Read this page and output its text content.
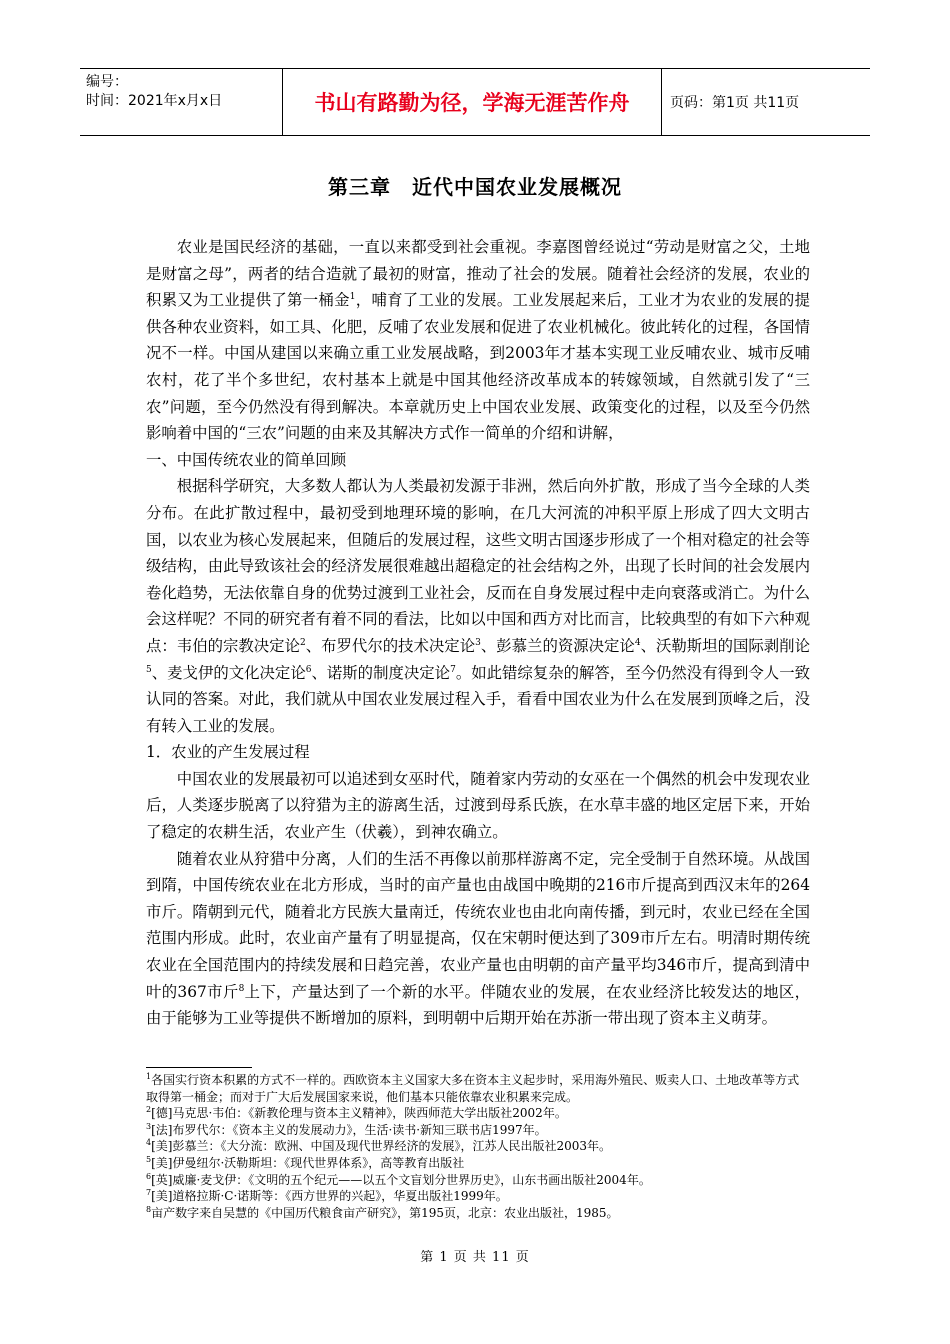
编号：
时间：2021年x月x日	书山有路勤为径，学海无涯苦作舟	页码：第1页 共11页
第三章　近代中国农业发展概况

农业是国民经济的基础，一直以来都受到社会重视。李嘉图曾经说过“劳动是财富之父，土地是财富之母”，两者的结合造就了最初的财富，推动了社会的发展。随着社会经济的发展，农业的积累又为工业提供了第一桶金$^1$，哺育了工业的发展。工业发展起来后，工业才为农业的发展的提供各种农业资料，如工具、化肥，反哺了农业发展和促进了农业机械化。彼此转化的过程，各国情况不一样。中国从建国以来确立重工业发展战略，到2003年才基本实现工业反哺农业、城市反哺农村，花了半个多世纪，农村基本上就是中国其他经济改革成本的转嫁领域，自然就引发了“三农”问题，至今仍然没有得到解决。本章就历史上中国农业发展、政策变化的过程，以及至今仍然影响着中国的“三农”问题的由来及其解决方式作一简单的介绍和讲解，

一、中国传统农业的简单回顾

根据科学研究，大多数人都认为人类最初发源于非洲，然后向外扩散，形成了当今全球的人类分布。在此扩散过程中，最初受到地理环境的影响，在几大河流的冲积平原上形成了四大文明古国，以农业为核心发展起来，但随后的发展过程，这些文明古国逐步形成了一个相对稳定的社会等级结构，由此导致该社会的经济发展很难越出超稳定的社会结构之外，出现了长时间的社会发展内卷化趋势，无法依靠自身的优势过渡到工业社会，反而在自身发展过程中走向衰落或消亡。为什么会这样呢？不同的研究者有着不同的看法，比如以中国和西方对比而言，比较典型的有如下六种观点：韦伯的宗教决定论$^2$、布罗代尔的技术决定论$^3$、彭慕兰的资源决定论$^4$、沃勒斯坦的国际剥削论$^5$、麦戈伊的文化决定论$^6$、诺斯的制度决定论$^7$。如此错综复杂的解答，至今仍然没有得到令人一致认同的答案。对此，我们就从中国农业发展过程入手，看看中国农业为什么在发展到顶峰之后，没有转入工业的发展。

1．农业的产生发展过程

中国农业的发展最初可以追述到女巫时代，随着家内劳动的女巫在一个偶然的机会中发现农业后，人类逐步脱离了以狩猎为主的游离生活，过渡到母系氏族，在水草丰盛的地区定居下来，开始了稳定的农耕生活，农业产生（伏羲），到神农确立。

随着农业从狩猎中分离，人们的生活不再像以前那样游离不定，完全受制于自然环境。从战国到隋，中国传统农业在北方形成，当时的亩产量也由战国中晚期的216市斤提高到西汉末年的264市斤。隋朝到元代，随着北方民族大量南迁，传统农业也由北向南传播，到元时，农业已经在全国范围内形成。此时，农业亩产量有了明显提高，仅在宋朝时便达到了309市斤左右。明清时期传统农业在全国范围内的持续发展和日趋完善，农业产量也由明朝的亩产量平均346市斤，提高到清中叶的367市斤$^8$上下，产量达到了一个新的水平。伴随农业的发展，在农业经济比较发达的地区，由于能够为工业等提供不断增加的原料，到明朝中后期开始在苏浙一带出现了资本主义萌芽。

$^1$各国实行资本积累的方式不一样的。西欧资本主义国家大多在资本主义起步时，采用海外殖民、贩卖人口、土地改革等方式取得第一桶金；而对于广大后发展国家来说，他们基本只能依靠农业积累来完成。

$^2$[德]马克思·韦伯：《新教伦理与资本主义精神》，陕西师范大学出版社2002年。

$^3$[法]布罗代尔：《资本主义的发展动力》，生活·读书·新知三联书店1997年。

$^4$[美]彭慕兰：《大分流：欧洲、中国及现代世界经济的发展》，江苏人民出版社2003年。

$^5$[美]伊曼纽尔·沃勒斯坦：《现代世界体系》，高等教育出版社

$^6$[英]威廉·麦戈伊：《文明的五个纪元——以五个文盲划分世界历史》，山东书画出版社2004年。

$^7$[美]道格拉斯·C·诺斯等：《西方世界的兴起》，华夏出版社1999年。

$^8$亩产数字来自吴慧的《中国历代粮食亩产研究》，第195页，北京：农业出版社，1985。

第 1 页 共 11 页
